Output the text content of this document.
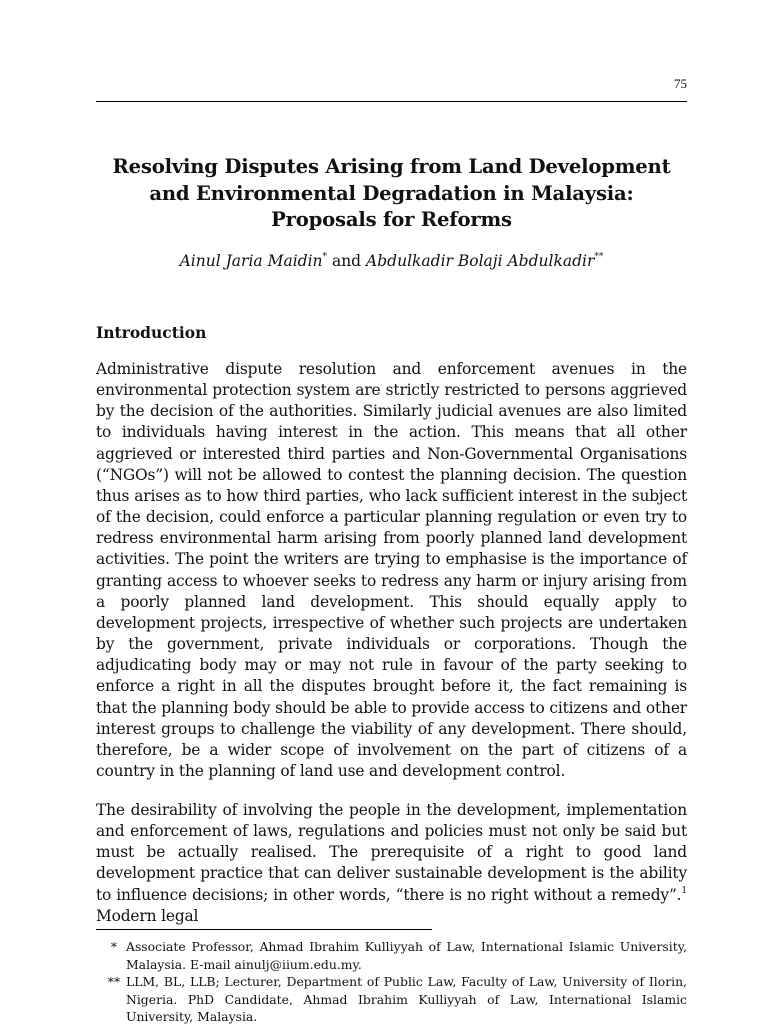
75
Resolving Disputes Arising from Land Development
and Environmental Degradation in Malaysia:
Proposals for Reforms
Ainul Jaria Maidin* and Abdulkadir Bolaji Abdulkadir**
Introduction

Administrative dispute resolution and enforcement avenues in the environmental protection system are strictly restricted to persons aggrieved by the decision of the authorities. Similarly judicial avenues are also limited to individuals having interest in the action. This means that all other aggrieved or interested third parties and Non-Governmental Organisations (“NGOs”) will not be allowed to contest the planning decision. The question thus arises as to how third parties, who lack sufficient interest in the subject of the decision, could enforce a particular planning regulation or even try to redress environmental harm arising from poorly planned land development activities. The point the writers are trying to emphasise is the importance of granting access to whoever seeks to redress any harm or injury arising from a poorly planned land development. This should equally apply to development projects, irrespective of whether such projects are undertaken by the government, private individuals or corporations. Though the adjudicating body may or may not rule in favour of the party seeking to enforce a right in all the disputes brought before it, the fact remaining is that the planning body should be able to provide access to citizens and other interest groups to challenge the viability of any development. There should, therefore, be a wider scope of involvement on the part of citizens of a country in the planning of land use and development control.

The desirability of involving the people in the development, implementation and enforcement of laws, regulations and policies must not only be said but must be actually realised. The prerequisite of a right to good land development practice that can deliver sustainable development is the ability to influence decisions; in other words, “there is no right without a remedy”.$^1$ Modern legal

* Associate Professor, Ahmad Ibrahim Kulliyyah of Law, International Islamic University, Malaysia. E-mail ainulj@iium.edu.my.
** LLM, BL, LLB; Lecturer, Department of Public Law, Faculty of Law, University of Ilorin, Nigeria. PhD Candidate, Ahmad Ibrahim Kulliyyah of Law, International Islamic University, Malaysia.
